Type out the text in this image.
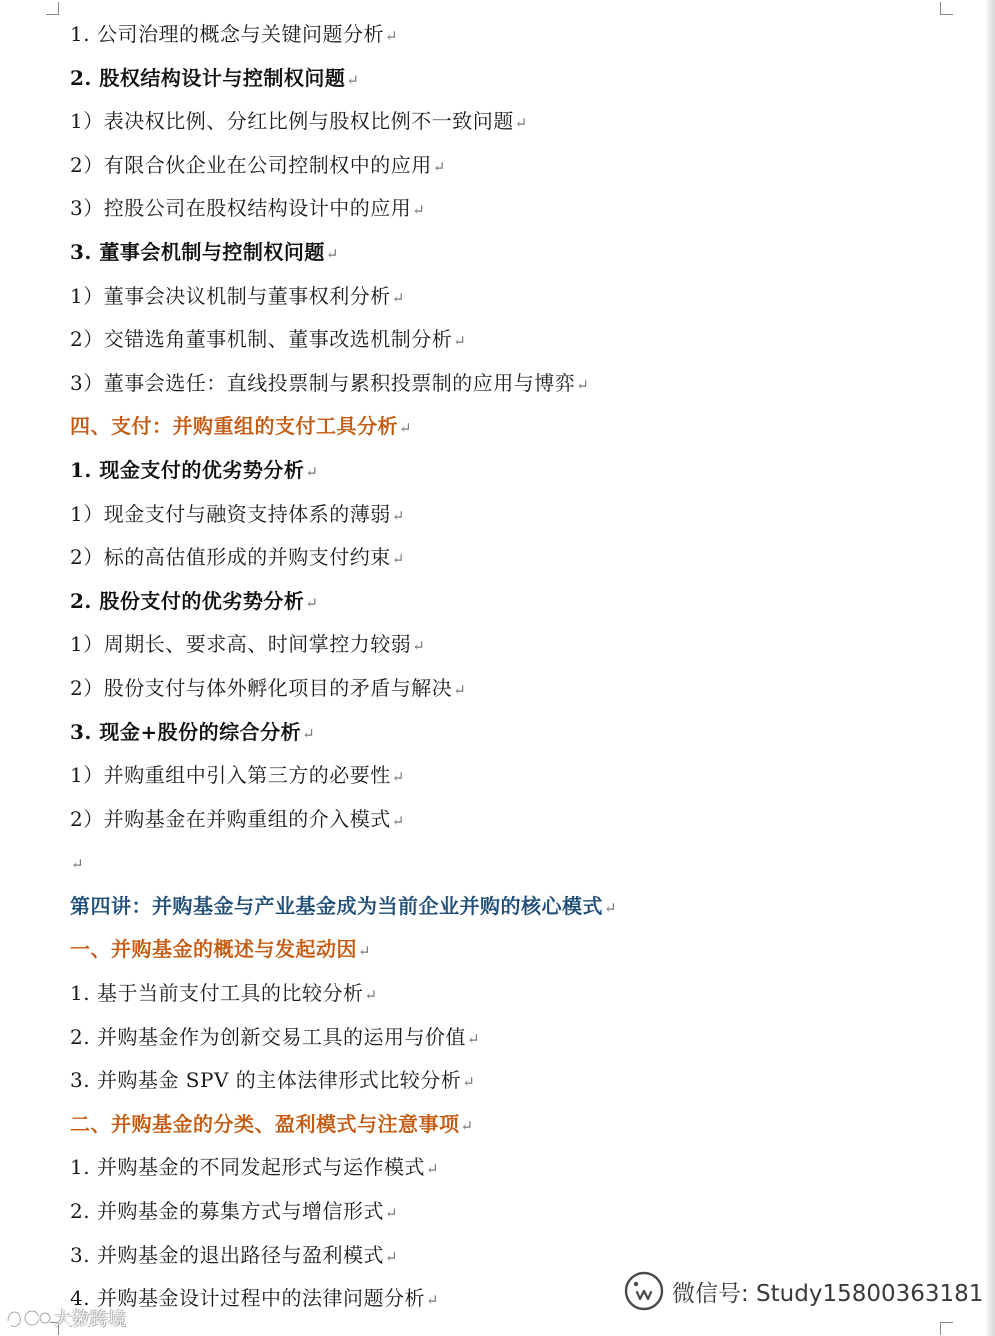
1. 公司治理的概念与关键问题分析↵
2. 股权结构设计与控制权问题↵
1）表决权比例、分红比例与股权比例不一致问题↵
2）有限合伙企业在公司控制权中的应用↵
3）控股公司在股权结构设计中的应用↵
3. 董事会机制与控制权问题↵
1）董事会决议机制与董事权利分析↵
2）交错选角董事机制、董事改选机制分析↵
3）董事会选任：直线投票制与累积投票制的应用与博弈↵
四、支付：并购重组的支付工具分析↵
1. 现金支付的优劣势分析↵
1）现金支付与融资支持体系的薄弱↵
2）标的高估值形成的并购支付约束↵
2. 股份支付的优劣势分析↵
1）周期长、要求高、时间掌控力较弱↵
2）股份支付与体外孵化项目的矛盾与解决↵
3. 现金+股份的综合分析↵
1）并购重组中引入第三方的必要性↵
2）并购基金在并购重组的介入模式↵
↵
第四讲：并购基金与产业基金成为当前企业并购的核心模式↵
一、并购基金的概述与发起动因↵
1. 基于当前支付工具的比较分析↵
2. 并购基金作为创新交易工具的运用与价值↵
3. 并购基金 SPV 的主体法律形式比较分析↵
二、并购基金的分类、盈利模式与注意事项↵
1. 并购基金的不同发起形式与运作模式↵
2. 并购基金的募集方式与增信形式↵
3. 并购基金的退出路径与盈利模式↵
4. 并购基金设计过程中的法律问题分析↵	微信号: Study15800363181
大数跨境
